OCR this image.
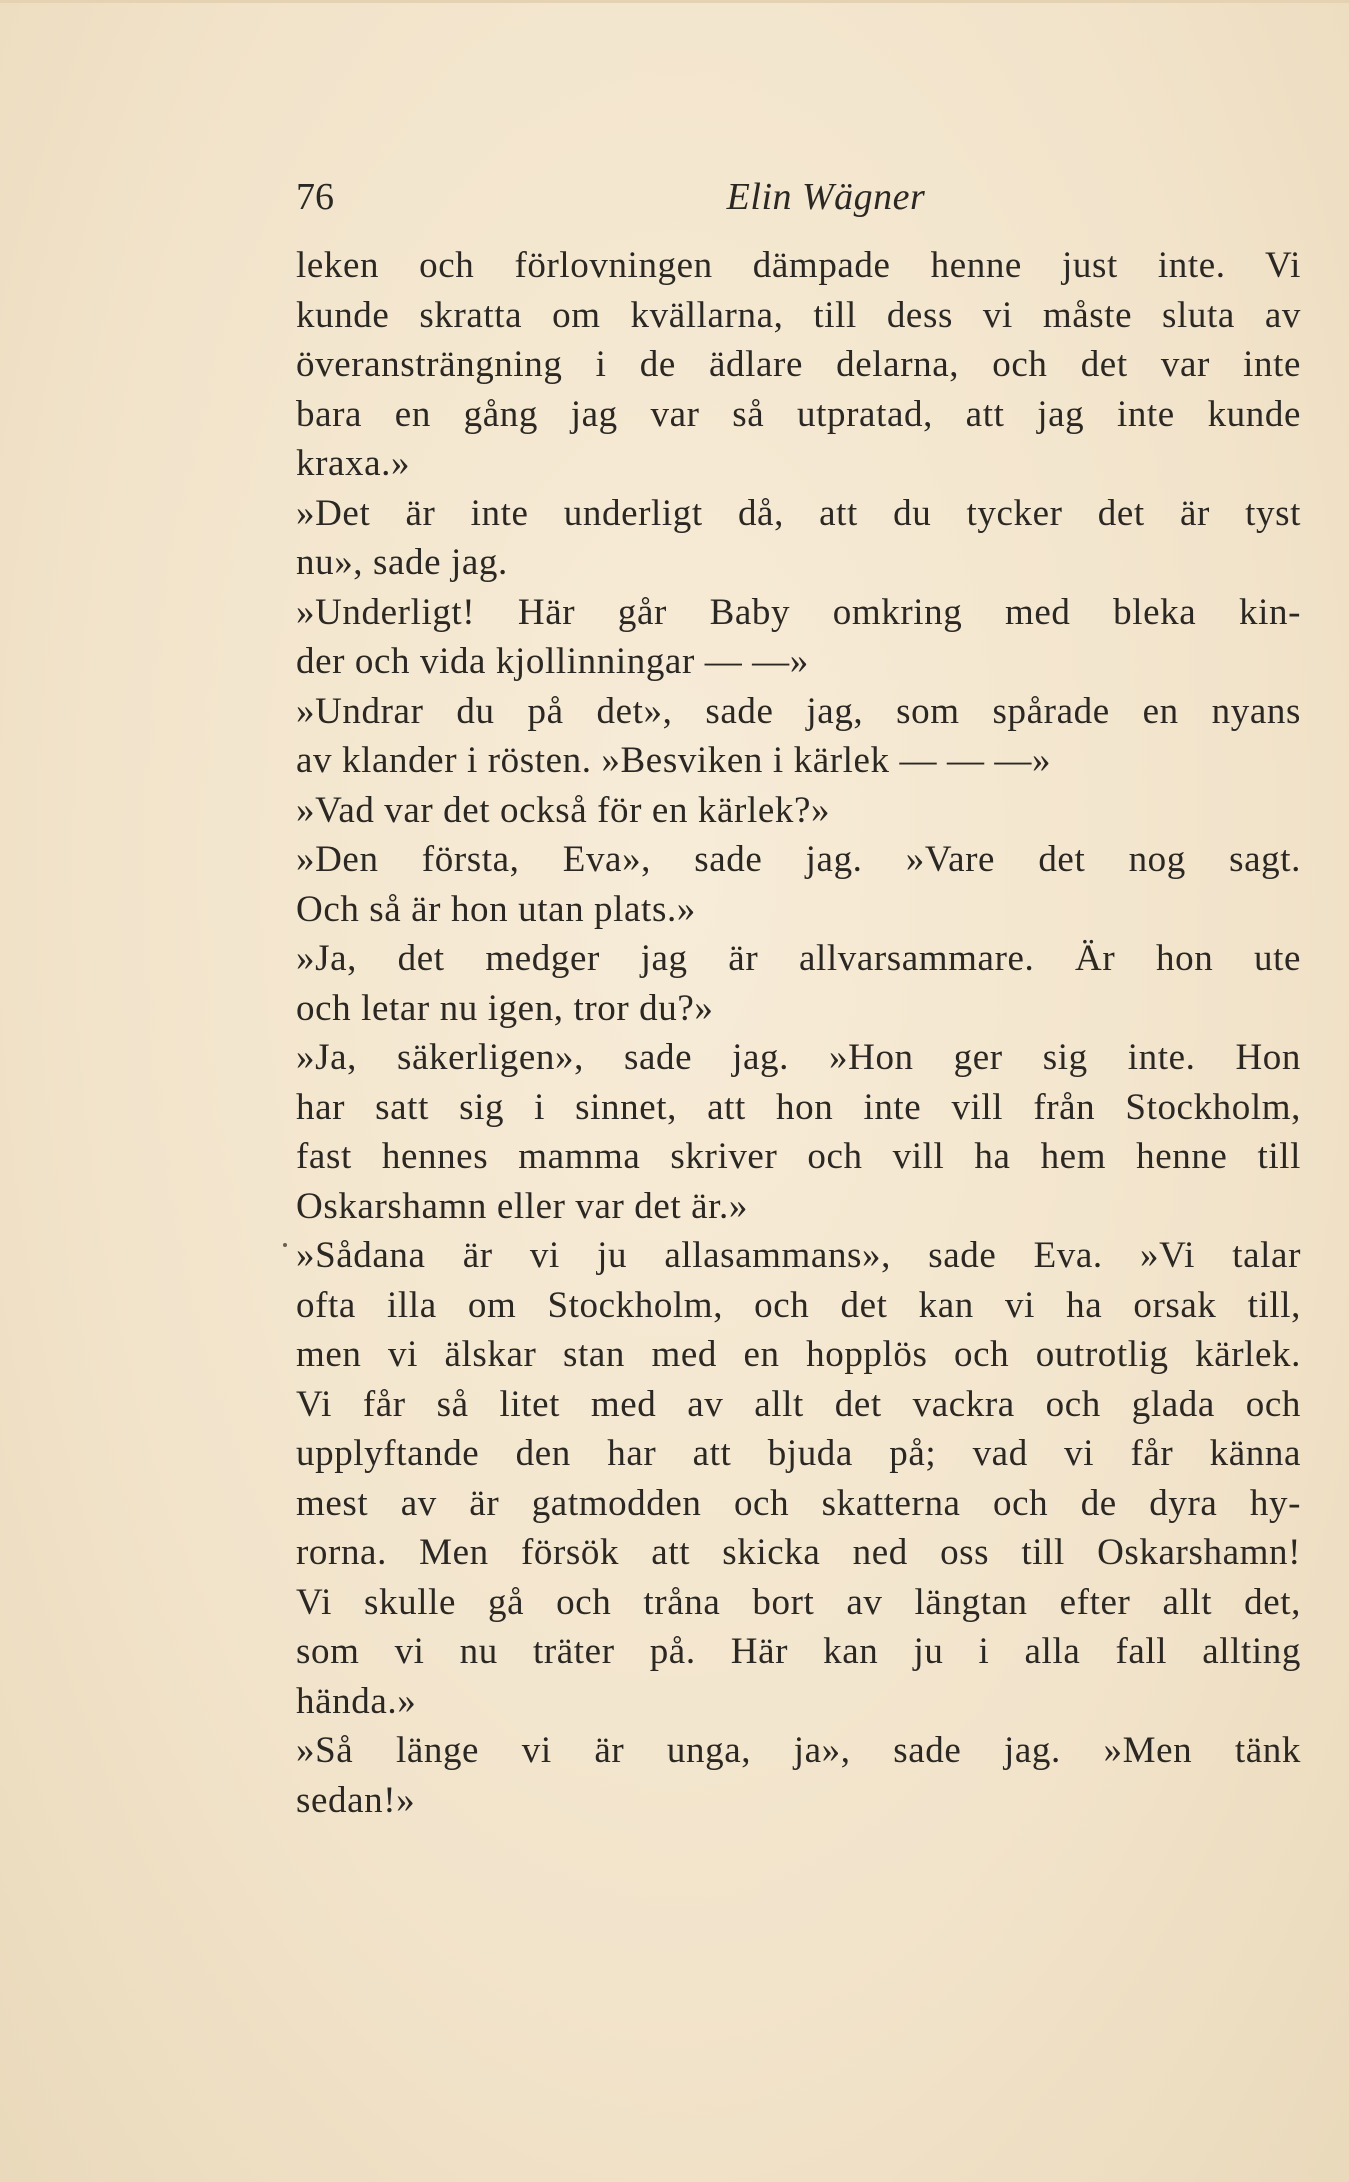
76	Elin Wägner
leken och förlovningen dämpade henne just inte. Vi
kunde skratta om kvällarna, till dess vi måste sluta av
överansträngning i de ädlare delarna, och det var inte
bara en gång jag var så utpratad, att jag inte kunde
kraxa.»
»Det är inte underligt då, att du tycker det är tyst
nu», sade jag.
»Underligt! Här går Baby omkring med bleka kin-
der och vida kjollinningar — —»
»Undrar du på det», sade jag, som spårade en nyans
av klander i rösten. »Besviken i kärlek — — —»
»Vad var det också för en kärlek?»
»Den första, Eva», sade jag. »Vare det nog sagt.
Och så är hon utan plats.»
»Ja, det medger jag är allvarsammare. Är hon ute
och letar nu igen, tror du?»
»Ja, säkerligen», sade jag. »Hon ger sig inte. Hon
har satt sig i sinnet, att hon inte vill från Stockholm,
fast hennes mamma skriver och vill ha hem henne till
Oskarshamn eller var det är.»
»Sådana är vi ju allasammans», sade Eva. »Vi talar
ofta illa om Stockholm, och det kan vi ha orsak till,
men vi älskar stan med en hopplös och outrotlig kärlek.
Vi får så litet med av allt det vackra och glada och
upplyftande den har att bjuda på; vad vi får känna
mest av är gatmodden och skatterna och de dyra hy-
rorna. Men försök att skicka ned oss till Oskarshamn!
Vi skulle gå och tråna bort av längtan efter allt det,
som vi nu träter på. Här kan ju i alla fall allting
hända.»
»Så länge vi är unga, ja», sade jag. »Men tänk
sedan!»
